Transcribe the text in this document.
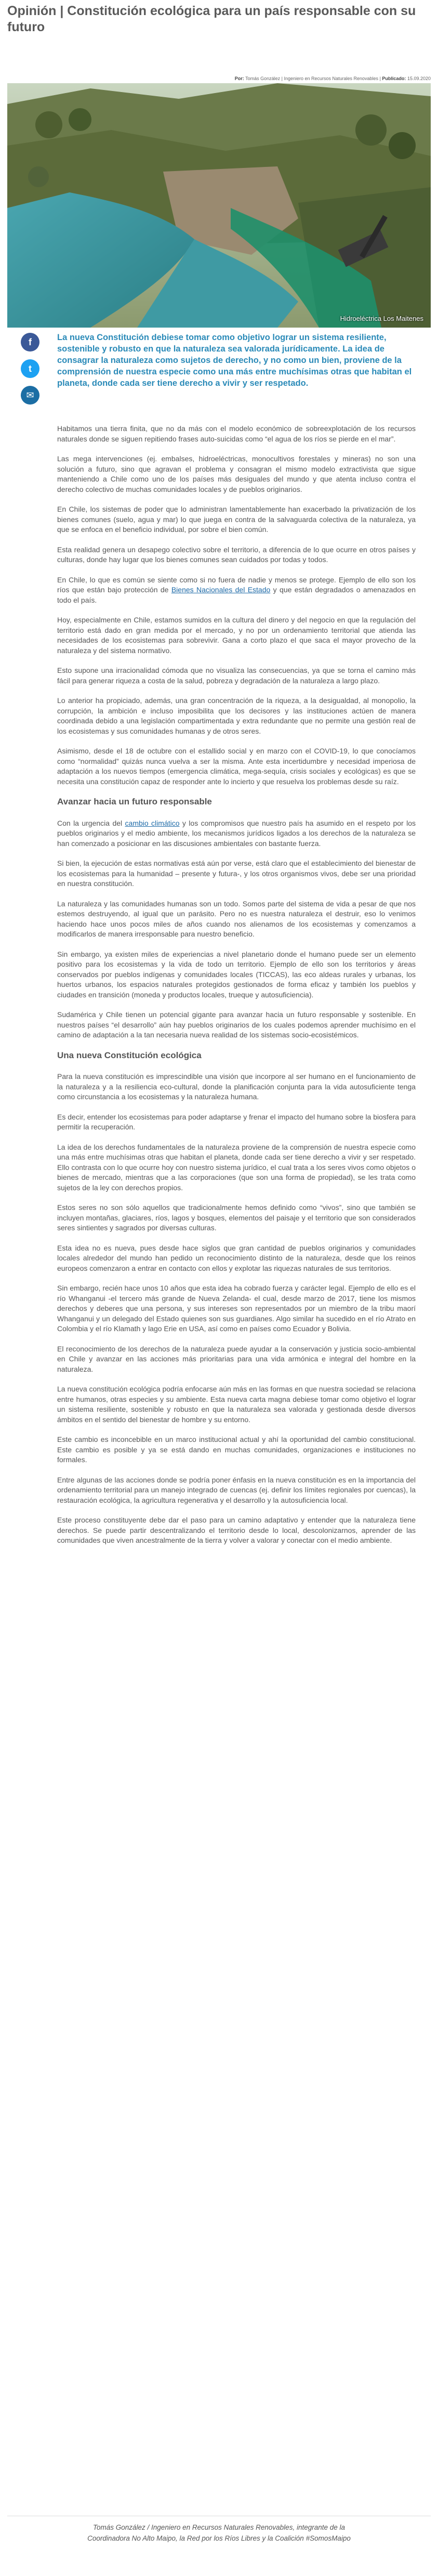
Opinión | Constitución ecológica para un país responsable con su futuro
Por: Tomás González | Ingeniero en Recursos Naturales Renovables | Publicado: 15.09.2020
Hidroeléctrica Los Maitenes
f
t
✉

La nueva Constitución debiese tomar como objetivo lograr un sistema resiliente, sostenible y robusto en que la naturaleza sea valorada jurídicamente. La idea de consagrar la naturaleza como sujetos de derecho, y no como un bien, proviene de la comprensión de nuestra especie como una más entre muchísimas otras que habitan el planeta, donde cada ser tiene derecho a vivir y ser respetado.

Habitamos una tierra finita, que no da más con el modelo económico de sobreexplotación de los recursos naturales donde se siguen repitiendo frases auto-suicidas como “el agua de los ríos se pierde en el mar”.

Las mega intervenciones (ej. embalses, hidroeléctricas, monocultivos forestales y mineras) no son una solución a futuro, sino que agravan el problema y consagran el mismo modelo extractivista que sigue manteniendo a Chile como uno de los países más desiguales del mundo y que atenta incluso contra el derecho colectivo de muchas comunidades locales y de pueblos originarios.

En Chile, los sistemas de poder que lo administran lamentablemente han exacerbado la privatización de los bienes comunes (suelo, agua y mar) lo que juega en contra de la salvaguarda colectiva de la naturaleza, ya que se enfoca en el beneficio individual, por sobre el bien común.

Esta realidad genera un desapego colectivo sobre el territorio, a diferencia de lo que ocurre en otros países y culturas, donde hay lugar que los bienes comunes sean cuidados por todas y todos.

En Chile, lo que es común se siente como si no fuera de nadie y menos se protege. Ejemplo de ello son los ríos que están bajo protección de Bienes Nacionales del Estado y que están degradados o amenazados en todo el país.

Hoy, especialmente en Chile, estamos sumidos en la cultura del dinero y del negocio en que la regulación del territorio está dado en gran medida por el mercado, y no por un ordenamiento territorial que atienda las necesidades de los ecosistemas para sobrevivir. Gana a corto plazo el que saca el mayor provecho de la naturaleza y del sistema normativo.

Esto supone una irracionalidad cómoda que no visualiza las consecuencias, ya que se torna el camino más fácil para generar riqueza a costa de la salud, pobreza y degradación de la naturaleza a largo plazo.

Lo anterior ha propiciado, además, una gran concentración de la riqueza, a la desigualdad, al monopolio, la corrupción, la ambición e incluso imposibilita que los decisores y las instituciones actúen de manera coordinada debido a una legislación compartimentada y extra redundante que no permite una gestión real de los ecosistemas y sus comunidades humanas y de otros seres.

Asimismo, desde el 18 de octubre con el estallido social y en marzo con el COVID-19, lo que conocíamos como “normalidad” quizás nunca vuelva a ser la misma. Ante esta incertidumbre y necesidad imperiosa de adaptación a los nuevos tiempos (emergencia climática, mega-sequía, crisis sociales y ecológicas) es que se necesita una constitución capaz de responder ante lo incierto y que resuelva los problemas desde su raíz.

Avanzar hacia un futuro responsable

Con la urgencia del cambio climático y los compromisos que nuestro país ha asumido en el respeto por los pueblos originarios y el medio ambiente, los mecanismos jurídicos ligados a los derechos de la naturaleza se han comenzado a posicionar en las discusiones ambientales con bastante fuerza.

Si bien, la ejecución de estas normativas está aún por verse, está claro que el establecimiento del bienestar de los ecosistemas para la humanidad – presente y futura-, y los otros organismos vivos, debe ser una prioridad en nuestra constitución.

La naturaleza y las comunidades humanas son un todo. Somos parte del sistema de vida a pesar de que nos estemos destruyendo, al igual que un parásito. Pero no es nuestra naturaleza el destruir, eso lo venimos haciendo hace unos pocos miles de años cuando nos alienamos de los ecosistemas y comenzamos a modificarlos de manera irresponsable para nuestro beneficio.

Sin embargo, ya existen miles de experiencias a nivel planetario donde el humano puede ser un elemento positivo para los ecosistemas y la vida de todo un territorio. Ejemplo de ello son los territorios y áreas conservados por pueblos indígenas y comunidades locales (TICCAS), las eco aldeas rurales y urbanas, los huertos urbanos, los espacios naturales protegidos gestionados de forma eficaz y también los pueblos y ciudades en transición (moneda y productos locales, trueque y autosuficiencia).

Sudamérica y Chile tienen un potencial gigante para avanzar hacia un futuro responsable y sostenible. En nuestros países “el desarrollo” aún hay pueblos originarios de los cuales podemos aprender muchísimo en el camino de adaptación a la tan necesaria nueva realidad de los sistemas socio-ecosistémicos.

Una nueva Constitución ecológica

Para la nueva constitución es imprescindible una visión que incorpore al ser humano en el funcionamiento de la naturaleza y a la resiliencia eco-cultural, donde la planificación conjunta para la vida autosuficiente tenga como circunstancia a los ecosistemas y la naturaleza humana.

Es decir, entender los ecosistemas para poder adaptarse y frenar el impacto del humano sobre la biosfera para permitir la recuperación.

La idea de los derechos fundamentales de la naturaleza proviene de la comprensión de nuestra especie como una más entre muchísimas otras que habitan el planeta, donde cada ser tiene derecho a vivir y ser respetado. Ello contrasta con lo que ocurre hoy con nuestro sistema jurídico, el cual trata a los seres vivos como objetos o bienes de mercado, mientras que a las corporaciones (que son una forma de propiedad), se les trata como sujetos de la ley con derechos propios.

Estos seres no son sólo aquellos que tradicionalmente hemos definido como “vivos”, sino que también se incluyen montañas, glaciares, ríos, lagos y bosques, elementos del paisaje y el territorio que son considerados seres sintientes y sagrados por diversas culturas.

Esta idea no es nueva, pues desde hace siglos que gran cantidad de pueblos originarios y comunidades locales alrededor del mundo han pedido un reconocimiento distinto de la naturaleza, desde que los reinos europeos comenzaron a entrar en contacto con ellos y explotar las riquezas naturales de sus territorios.

Sin embargo, recién hace unos 10 años que esta idea ha cobrado fuerza y carácter legal. Ejemplo de ello es el río Whanganui -el tercero más grande de Nueva Zelanda- el cual, desde marzo de 2017, tiene los mismos derechos y deberes que una persona, y sus intereses son representados por un miembro de la tribu maorí Whanganui y un delegado del Estado quienes son sus guardianes. Algo similar ha sucedido en el río Atrato en Colombia y el río Klamath y lago Erie en USA, así como en países como Ecuador y Bolivia.

El reconocimiento de los derechos de la naturaleza puede ayudar a la conservación y justicia socio-ambiental en Chile y avanzar en las acciones más prioritarias para una vida armónica e integral del hombre en la naturaleza.

La nueva constitución ecológica podría enfocarse aún más en las formas en que nuestra sociedad se relaciona entre humanos, otras especies y su ambiente. Esta nueva carta magna debiese tomar como objetivo el lograr un sistema resiliente, sostenible y robusto en que la naturaleza sea valorada y gestionada desde diversos ámbitos en el sentido del bienestar de hombre y su entorno.

Este cambio es inconcebible en un marco institucional actual y ahí la oportunidad del cambio constitucional. Este cambio es posible y ya se está dando en muchas comunidades, organizaciones e instituciones no formales.

Entre algunas de las acciones donde se podría poner énfasis en la nueva constitución es en la importancia del ordenamiento territorial para un manejo integrado de cuencas (ej. definir los límites regionales por cuencas), la restauración ecológica, la agricultura regenerativa y el desarrollo y la autosuficiencia local.

Este proceso constituyente debe dar el paso para un camino adaptativo y entender que la naturaleza tiene derechos. Se puede partir descentralizando el territorio desde lo local, descolonizarnos, aprender de las comunidades que viven ancestralmente de la tierra y volver a valorar y conectar con el medio ambiente.

Tomás González / Ingeniero en Recursos Naturales Renovables, integrante de la Coordinadora No Alto Maipo, la Red por los Ríos Libres y la Coalición #SomosMaipo
